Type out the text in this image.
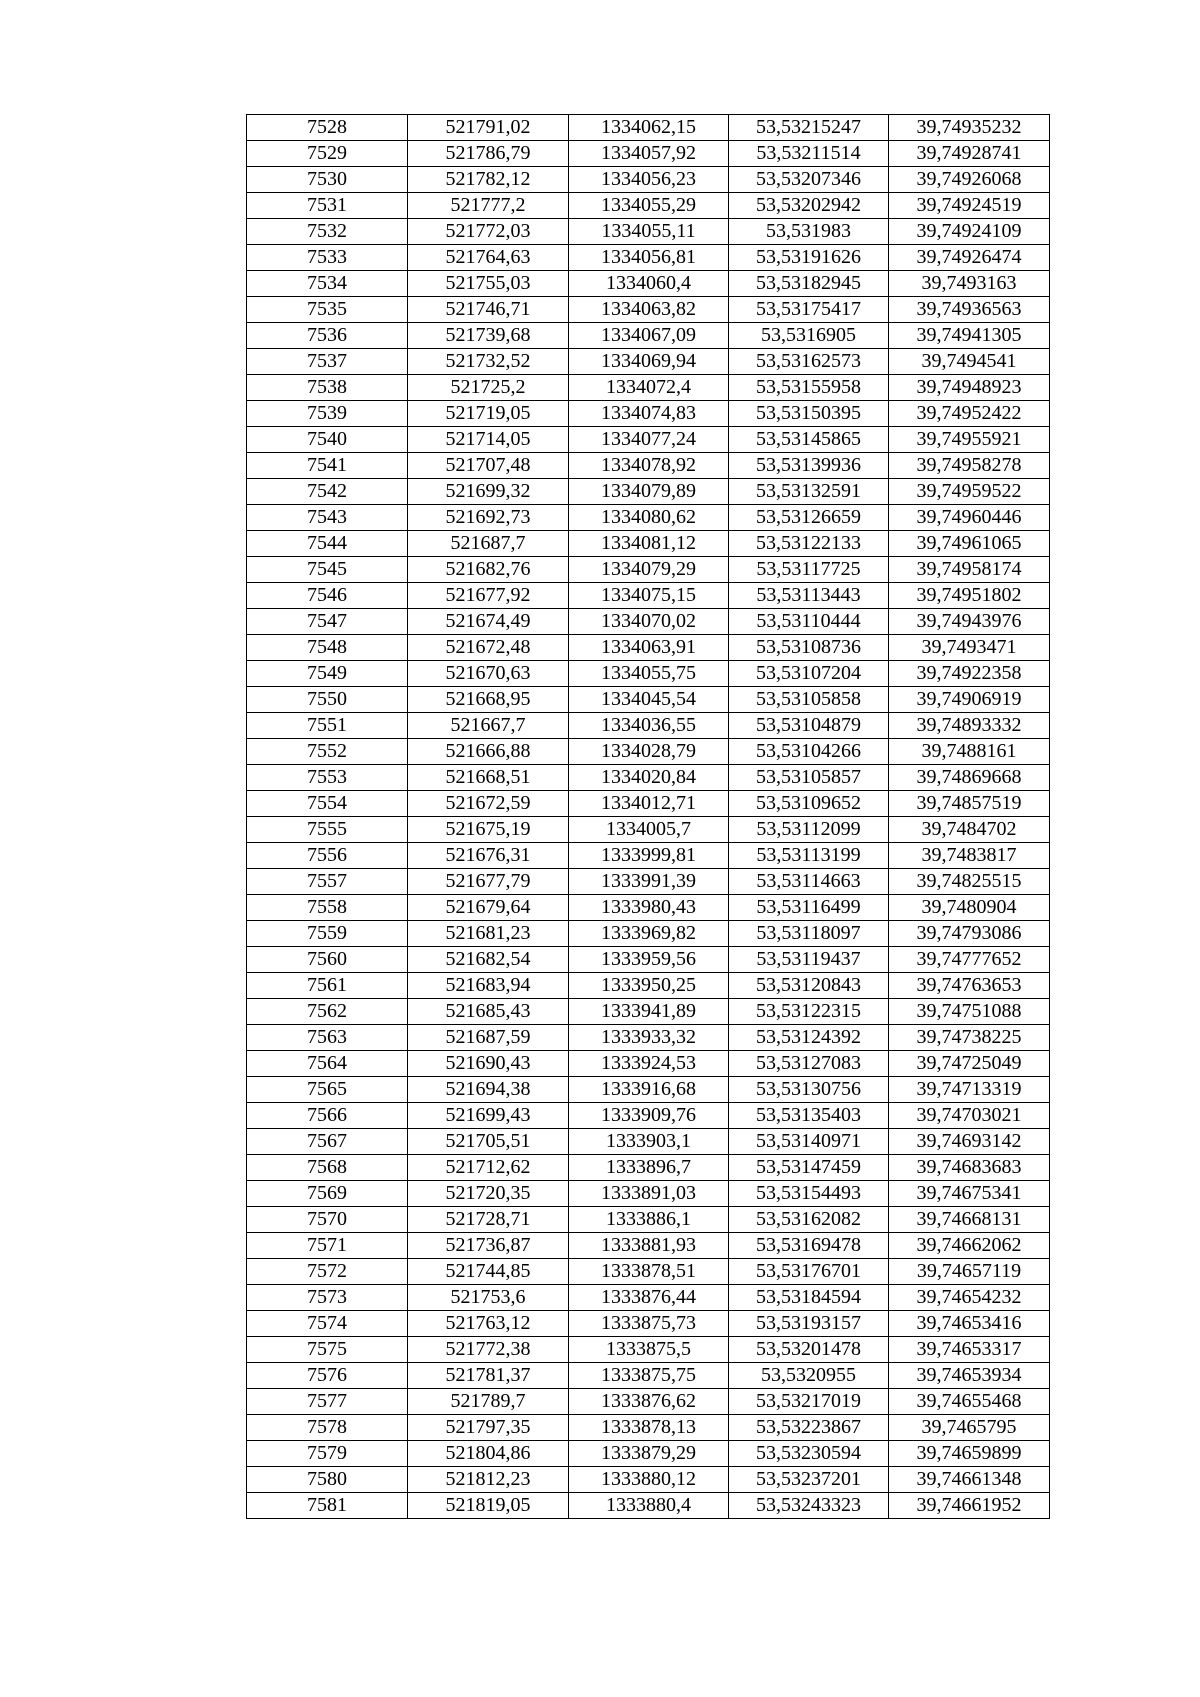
7528	521791,02	1334062,15	53,53215247	39,74935232
7529	521786,79	1334057,92	53,53211514	39,74928741
7530	521782,12	1334056,23	53,53207346	39,74926068
7531	521777,2	1334055,29	53,53202942	39,74924519
7532	521772,03	1334055,11	53,531983	39,74924109
7533	521764,63	1334056,81	53,53191626	39,74926474
7534	521755,03	1334060,4	53,53182945	39,7493163
7535	521746,71	1334063,82	53,53175417	39,74936563
7536	521739,68	1334067,09	53,5316905	39,74941305
7537	521732,52	1334069,94	53,53162573	39,7494541
7538	521725,2	1334072,4	53,53155958	39,74948923
7539	521719,05	1334074,83	53,53150395	39,74952422
7540	521714,05	1334077,24	53,53145865	39,74955921
7541	521707,48	1334078,92	53,53139936	39,74958278
7542	521699,32	1334079,89	53,53132591	39,74959522
7543	521692,73	1334080,62	53,53126659	39,74960446
7544	521687,7	1334081,12	53,53122133	39,74961065
7545	521682,76	1334079,29	53,53117725	39,74958174
7546	521677,92	1334075,15	53,53113443	39,74951802
7547	521674,49	1334070,02	53,53110444	39,74943976
7548	521672,48	1334063,91	53,53108736	39,7493471
7549	521670,63	1334055,75	53,53107204	39,74922358
7550	521668,95	1334045,54	53,53105858	39,74906919
7551	521667,7	1334036,55	53,53104879	39,74893332
7552	521666,88	1334028,79	53,53104266	39,7488161
7553	521668,51	1334020,84	53,53105857	39,74869668
7554	521672,59	1334012,71	53,53109652	39,74857519
7555	521675,19	1334005,7	53,53112099	39,7484702
7556	521676,31	1333999,81	53,53113199	39,7483817
7557	521677,79	1333991,39	53,53114663	39,74825515
7558	521679,64	1333980,43	53,53116499	39,7480904
7559	521681,23	1333969,82	53,53118097	39,74793086
7560	521682,54	1333959,56	53,53119437	39,74777652
7561	521683,94	1333950,25	53,53120843	39,74763653
7562	521685,43	1333941,89	53,53122315	39,74751088
7563	521687,59	1333933,32	53,53124392	39,74738225
7564	521690,43	1333924,53	53,53127083	39,74725049
7565	521694,38	1333916,68	53,53130756	39,74713319
7566	521699,43	1333909,76	53,53135403	39,74703021
7567	521705,51	1333903,1	53,53140971	39,74693142
7568	521712,62	1333896,7	53,53147459	39,74683683
7569	521720,35	1333891,03	53,53154493	39,74675341
7570	521728,71	1333886,1	53,53162082	39,74668131
7571	521736,87	1333881,93	53,53169478	39,74662062
7572	521744,85	1333878,51	53,53176701	39,74657119
7573	521753,6	1333876,44	53,53184594	39,74654232
7574	521763,12	1333875,73	53,53193157	39,74653416
7575	521772,38	1333875,5	53,53201478	39,74653317
7576	521781,37	1333875,75	53,5320955	39,74653934
7577	521789,7	1333876,62	53,53217019	39,74655468
7578	521797,35	1333878,13	53,53223867	39,7465795
7579	521804,86	1333879,29	53,53230594	39,74659899
7580	521812,23	1333880,12	53,53237201	39,74661348
7581	521819,05	1333880,4	53,53243323	39,74661952
